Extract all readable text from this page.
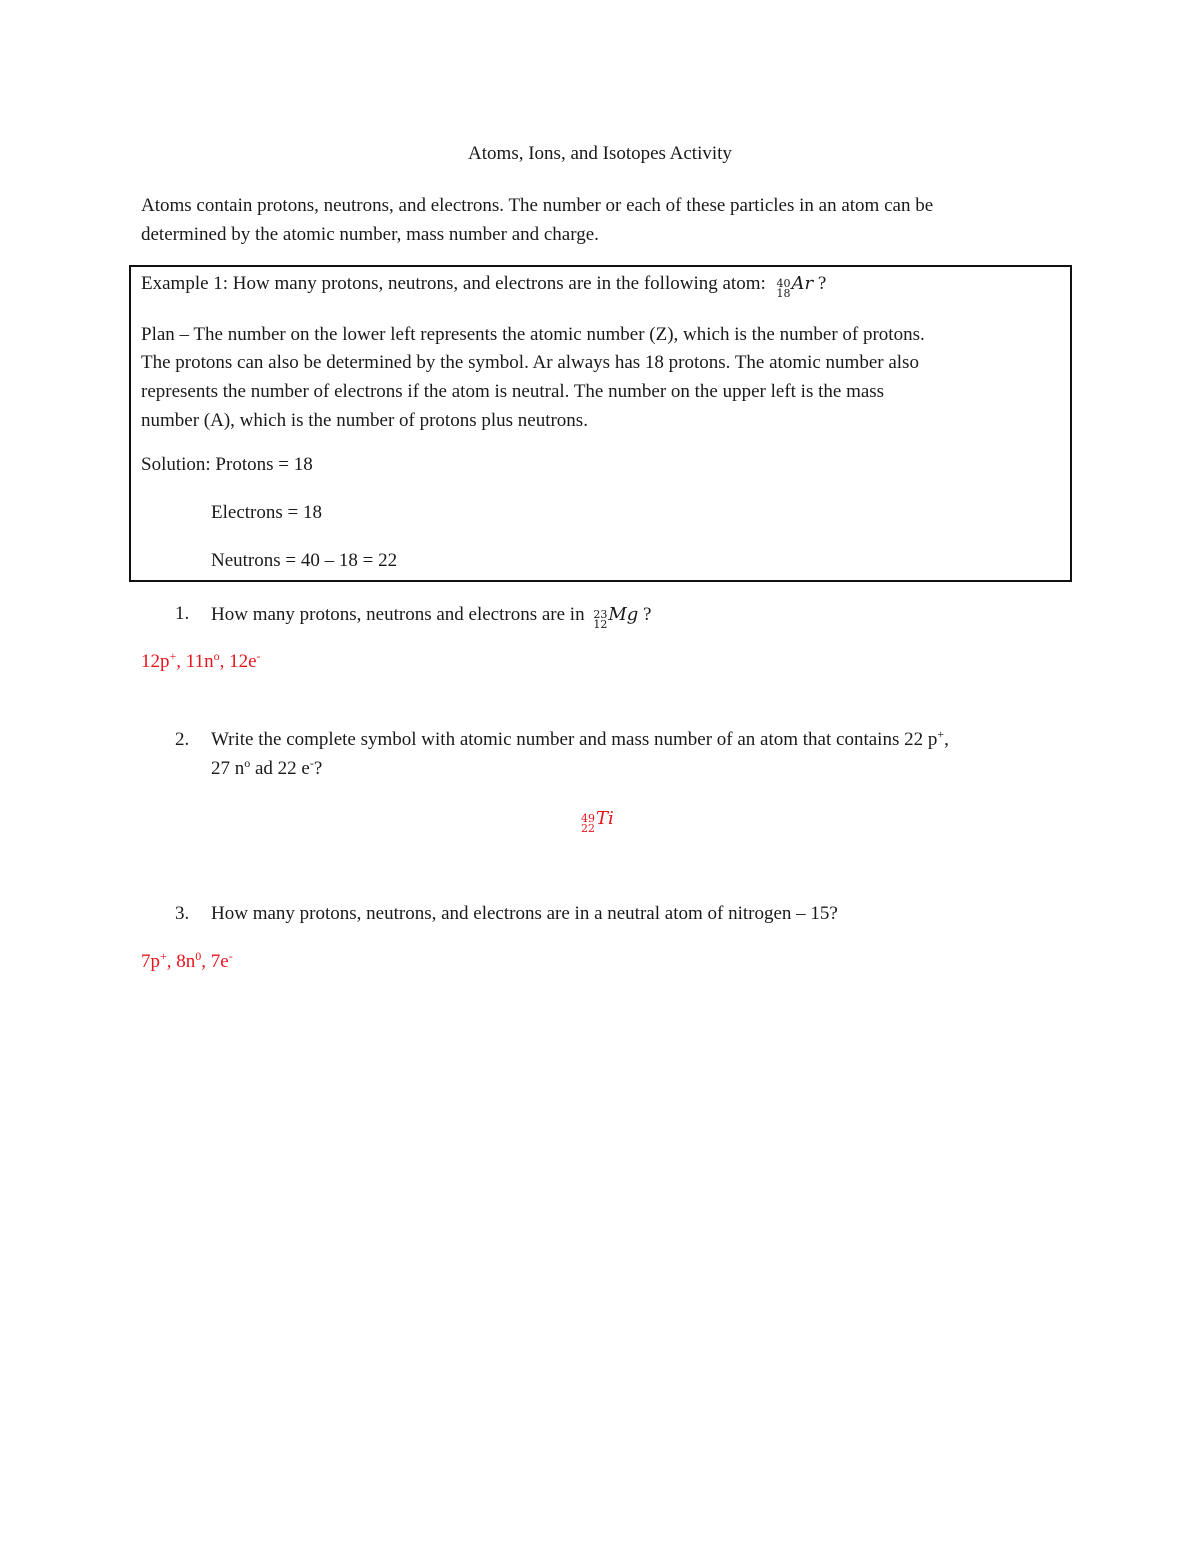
Atoms, Ions, and Isotopes Activity
Atoms contain protons, neutrons, and electrons. The number or each of these particles in an atom can be
determined by the atomic number, mass number and charge.
Example 1: How many protons, neutrons, and electrons are in the following atom: 40
18 Ar ?
Plan – The number on the lower left represents the atomic number (Z), which is the number of protons.
The protons can also be determined by the symbol. Ar always has 18 protons. The atomic number also
represents the number of electrons if the atom is neutral. The number on the upper left is the mass
number (A), which is the number of protons plus neutrons.
Solution: Protons = 18
Electrons = 18
Neutrons = 40 – 18 = 22
1. How many protons, neutrons and electrons are in 23
12 Mg ?
12p+, $11n^o$, 12e-
2. Write the complete symbol with atomic number and mass number of an atom that contains 22 p+,
27 $n^o$ ad 22 e-?
49
22 Ti
3. How many protons, neutrons, and electrons are in a neutral atom of nitrogen – 15?
7p+, $8n^0$, 7e-
